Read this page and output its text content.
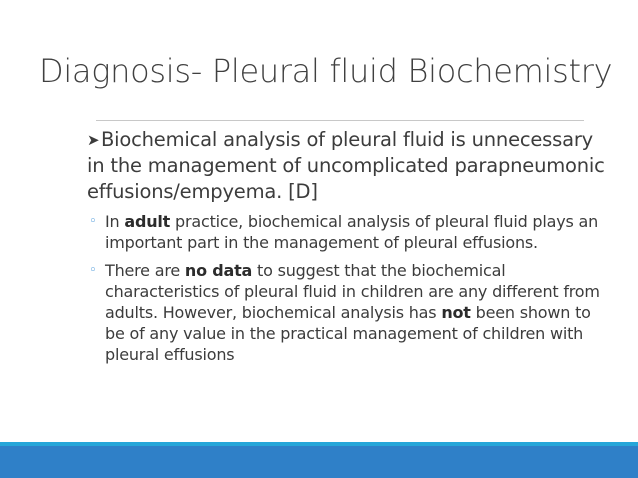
Diagnosis- Pleural fluid Biochemistry
➤Biochemical analysis of pleural fluid is unnecessary in the management of uncomplicated parapneumonic effusions/empyema. [D]
◦ In adult practice, biochemical analysis of pleural fluid plays an important part in the management of pleural effusions.
◦ There are no data to suggest that the biochemical characteristics of pleural fluid in children are any different from adults. However, biochemical analysis has not been shown to be of any value in the practical management of children with pleural effusions
